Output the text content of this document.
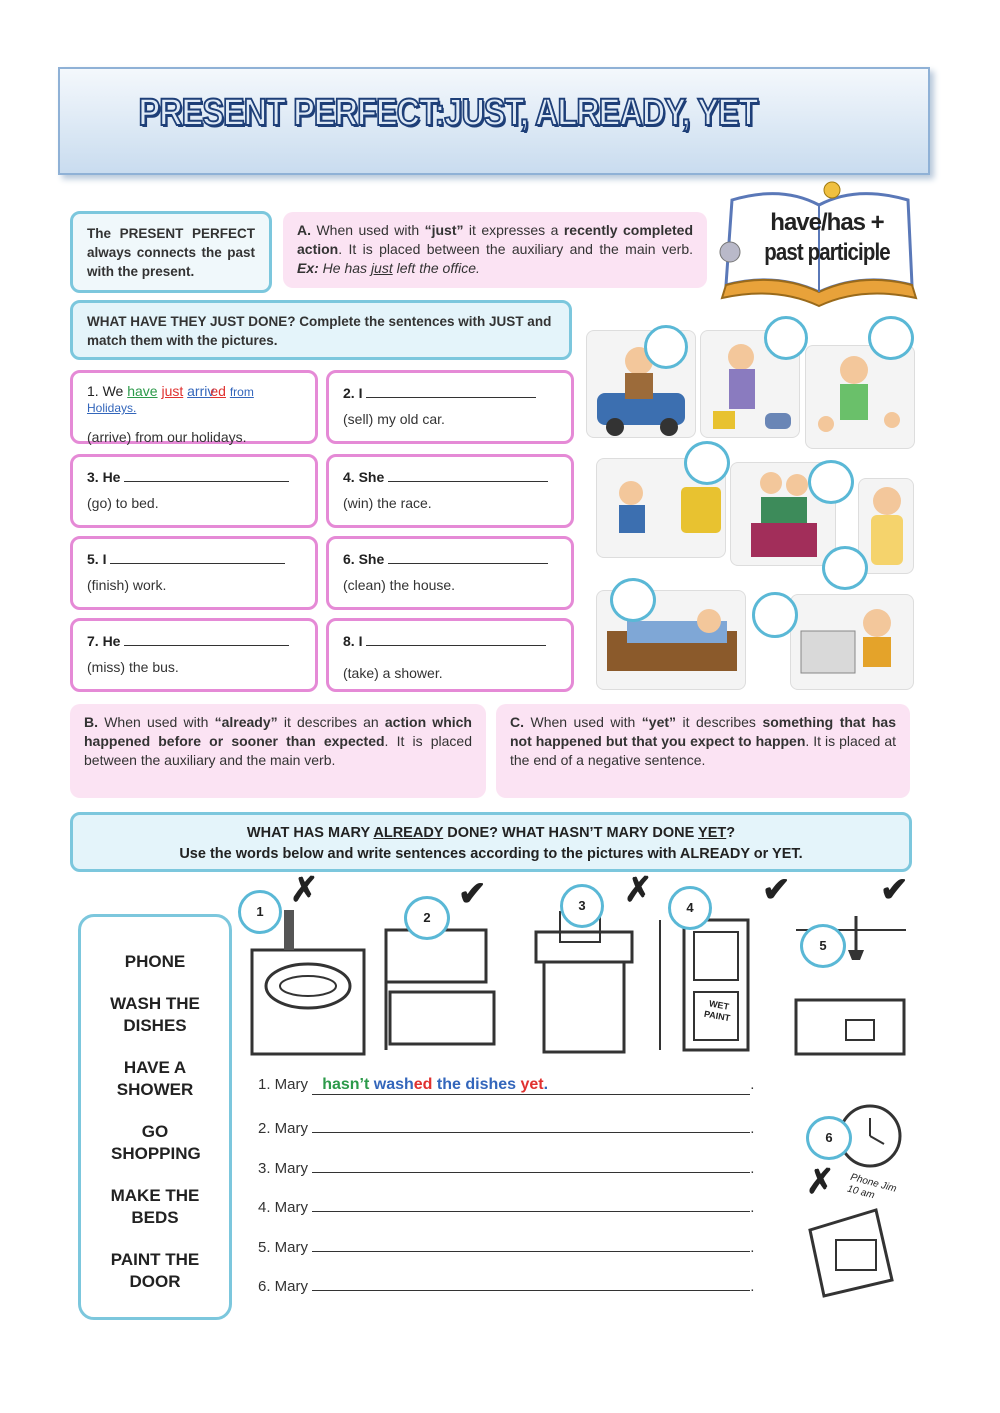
PRESENT PERFECT:JUST, ALREADY, YET
The PRESENT PERFECT always connects the past with the present.
A. When used with “just” it expresses a recently completed action. It is placed between the auxiliary and the main verb. Ex: He has just left the office.
have/has +
past participle
WHAT HAVE THEY JUST DONE? Complete the sentences with JUST and match them with the pictures.
1. We have just arrived from Holidays.
(arrive) from our holidays.
2. I
(sell) my old car.
3. He
(go) to bed.
4. She
(win) the race.
5. I
(finish) work.
6. She
(clean) the house.
7. He
(miss) the bus.
8. I
(take) a shower.
B. When used with “already” it describes an action which happened before or sooner than expected. It is placed between the auxiliary and the main verb.
C. When used with “yet” it describes something that has not happened but that you expect to happen. It is placed at the end of a negative sentence.
WHAT HAS MARY ALREADY DONE? WHAT HASN’T MARY DONE YET?
Use the words below and write sentences according to the pictures with ALREADY or YET.
PHONE
WASH THE DISHES
HAVE A SHOWER
GO SHOPPING
MAKE THE BEDS
PAINT THE DOOR
WET PAINT
Phone Jim 10 am
1	2
3	4
5
6
✗	✔	✗	✔	✔
✗
1. Mary hasn’t washed the dishes yet.	.
2. Mary	.
3. Mary	.
4. Mary	.
5. Mary	.
6. Mary	.
